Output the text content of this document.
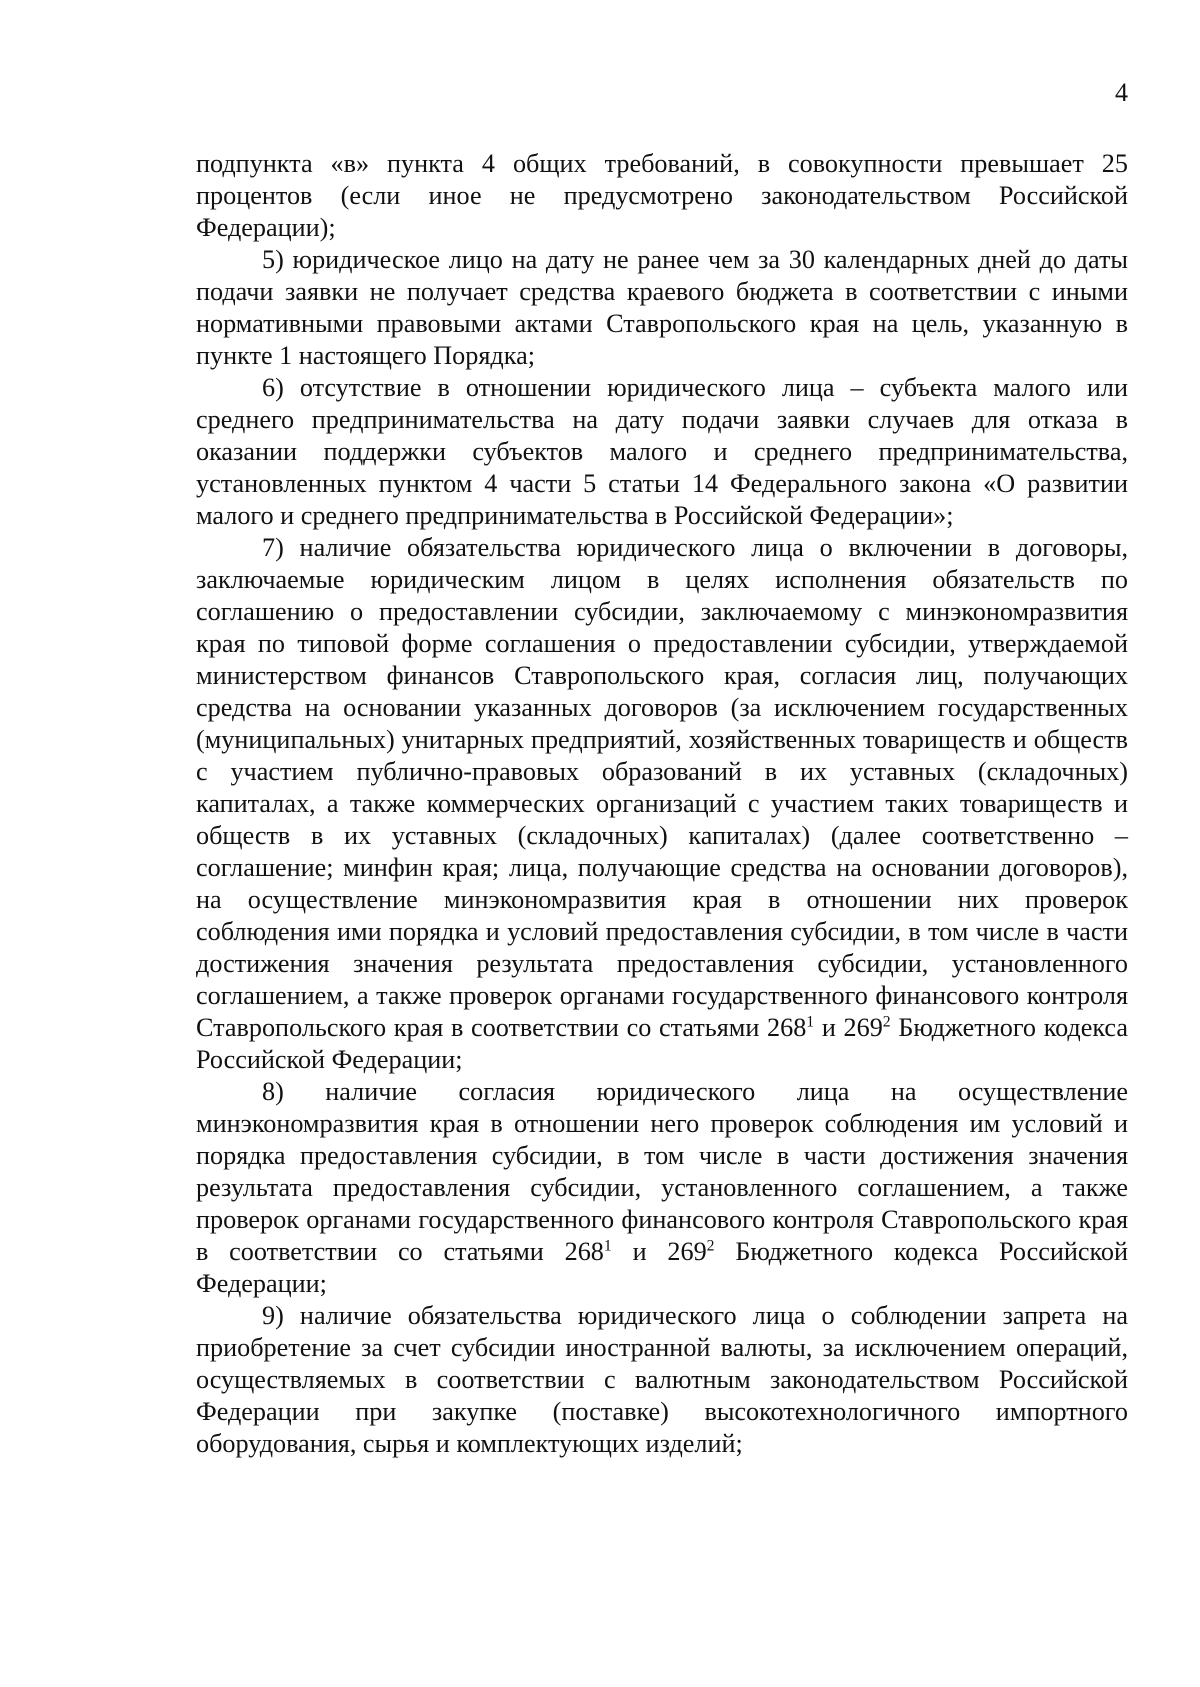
4

подпункта «в» пункта 4 общих требований, в совокупности превышает 25 процентов (если иное не предусмотрено законодательством Российской Федерации);

5) юридическое лицо на дату не ранее чем за 30 календарных дней до даты подачи заявки не получает средства краевого бюджета в соответствии с иными нормативными правовыми актами Ставропольского края на цель, указанную в пункте 1 настоящего Порядка;

6) отсутствие в отношении юридического лица – субъекта малого или среднего предпринимательства на дату подачи заявки случаев для отказа в оказании поддержки субъектов малого и среднего предпринимательства, установленных пунктом 4 части 5 статьи 14 Федерального закона «О развитии малого и среднего предпринимательства в Российской Федерации»;

7) наличие обязательства юридического лица о включении в договоры, заключаемые юридическим лицом в целях исполнения обязательств по соглашению о предоставлении субсидии, заключаемому с минэкономразвития края по типовой форме соглашения о предоставлении субсидии, утверждаемой министерством финансов Ставропольского края, согласия лиц, получающих средства на основании указанных договоров (за исключением государственных (муниципальных) унитарных предприятий, хозяйственных товариществ и обществ с участием публично-правовых образований в их уставных (складочных) капиталах, а также коммерческих организаций с участием таких товариществ и обществ в их уставных (складочных) капиталах) (далее соответственно – соглашение; минфин края; лица, получающие средства на основании договоров), на осуществление минэкономразвития края в отношении них проверок соблюдения ими порядка и условий предоставления субсидии, в том числе в части достижения значения результата предоставления субсидии, установленного соглашением, а также проверок органами государственного финансового контроля Ставропольского края в соответствии со статьями $268^1$ и $269^2$ Бюджетного кодекса Российской Федерации;

8) наличие согласия юридического лица на осуществление минэкономразвития края в отношении него проверок соблюдения им условий и порядка предоставления субсидии, в том числе в части достижения значения результата предоставления субсидии, установленного соглашением, а также проверок органами государственного финансового контроля Ставропольского края в соответствии со статьями $268^1$ и $269^2$ Бюджетного кодекса Российской Федерации;

9) наличие обязательства юридического лица о соблюдении запрета на приобретение за счет субсидии иностранной валюты, за исключением операций, осуществляемых в соответствии с валютным законодательством Российской Федерации при закупке (поставке) высокотехнологичного импортного оборудования, сырья и комплектующих изделий;
